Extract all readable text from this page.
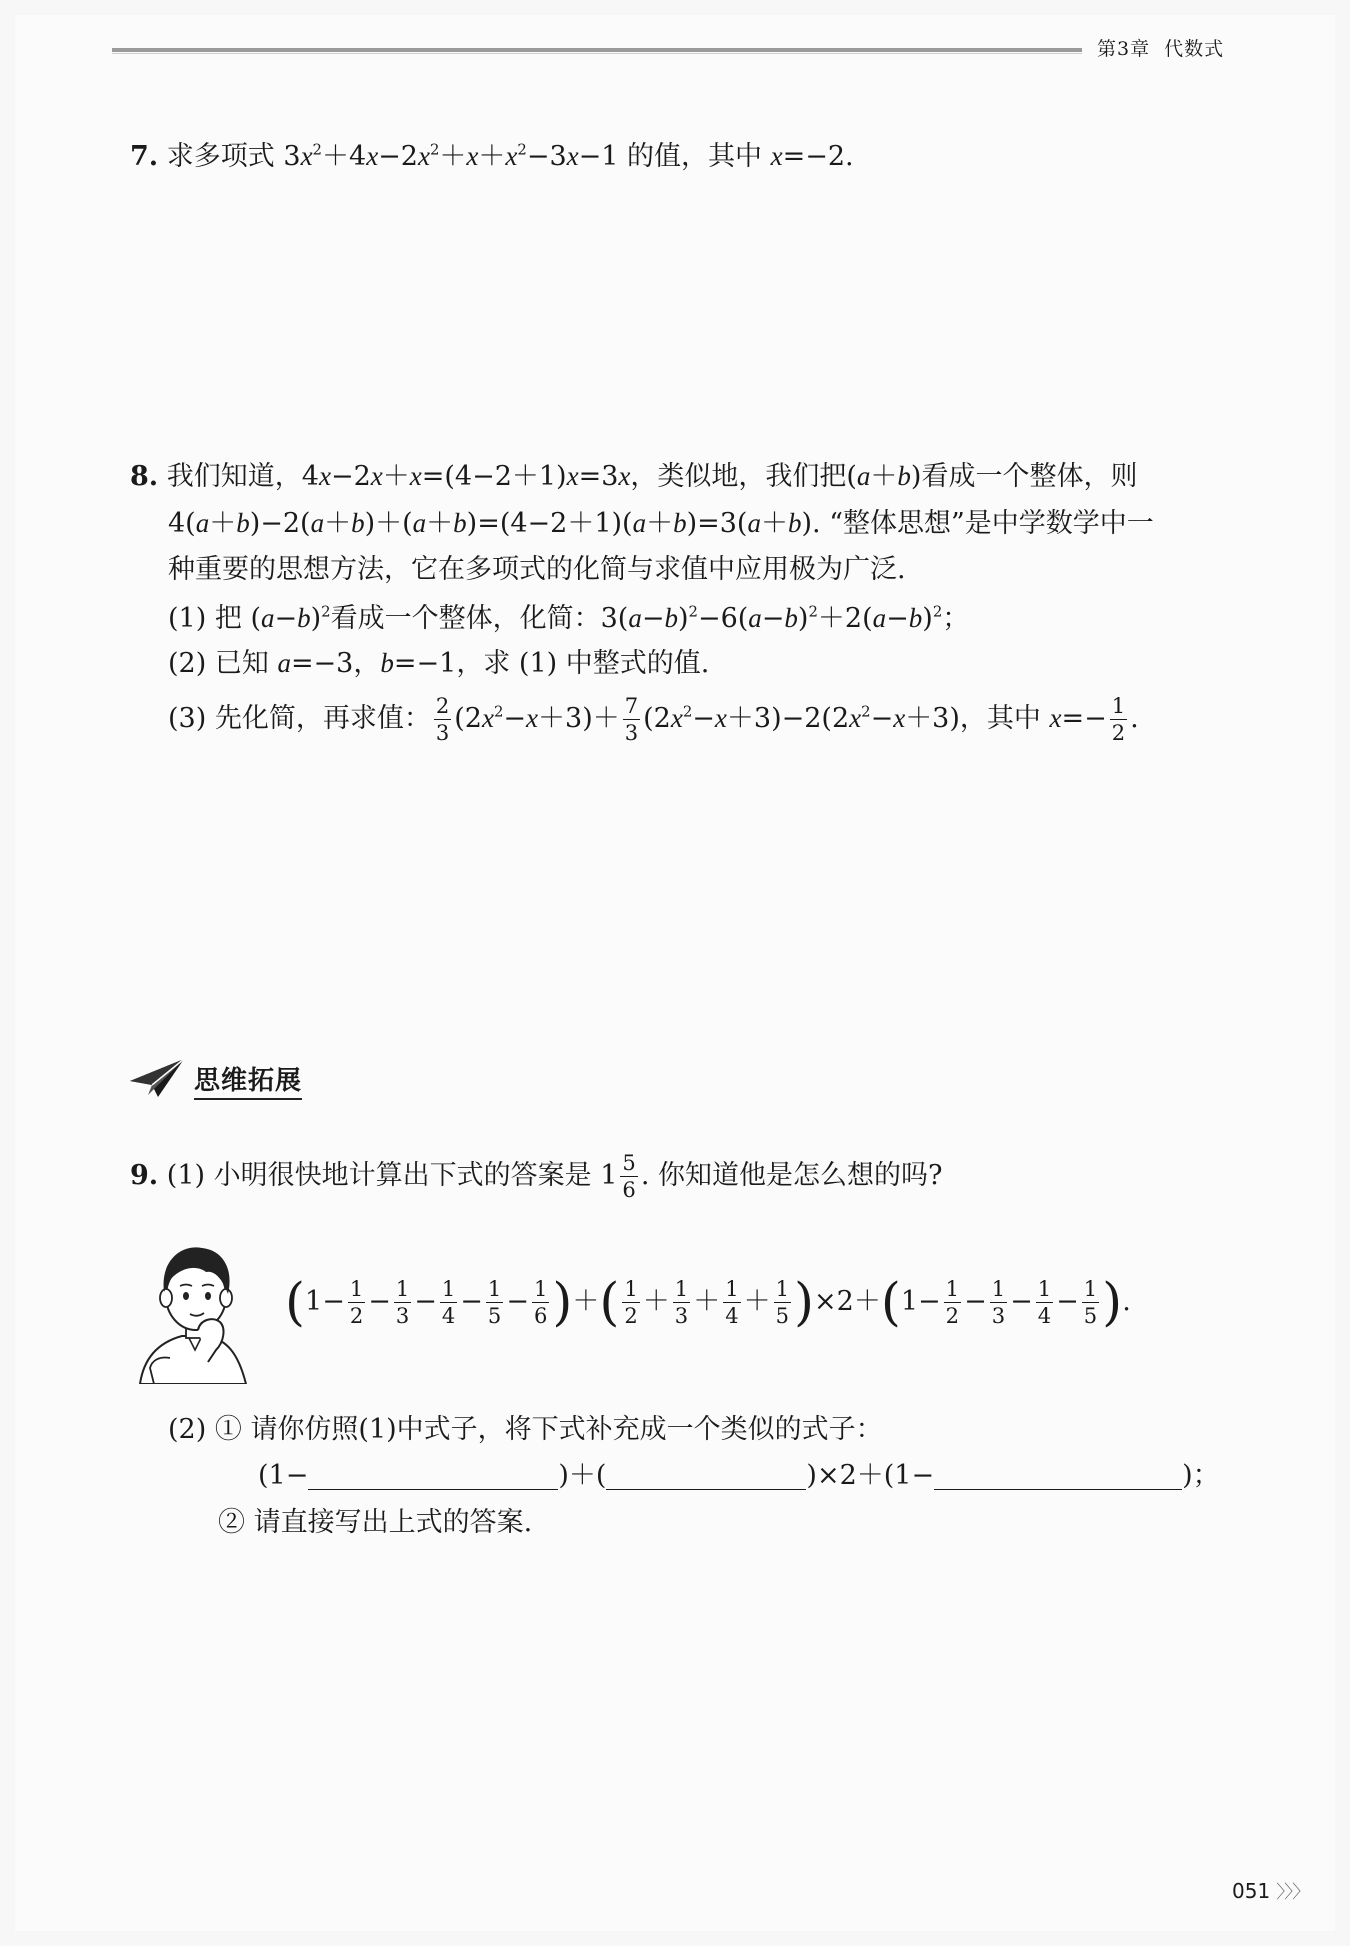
第3章 代数式
7. 求多项式 $3x^2+4x-2x^2+x+x^2-3x-1$ 的值，其中 x=−2.
8. 我们知道，4x−2x＋x=(4−2＋1)x=3x，类似地，我们把(a＋b)看成一个整体，则
4(a＋b)−2(a＋b)＋(a＋b)=(4−2＋1)(a＋b)=3(a＋b). “整体思想”是中学数学中一
种重要的思想方法，它在多项式的化简与求值中应用极为广泛.
(1) 把 $(a-b)^2$看成一个整体，化简：$3(a-b)^2-6(a-b)^2+2(a-b)^2$；
(2) 已知 a=−3，b=−1，求 (1) 中整式的值.
(3) 先化简，再求值： $\frac{2}{3} (2x^2-x+3)+ \frac{7}{3} (2x^2-x+3)-2(2x^2-x+3)$，其中 $x=- \frac{1}{2}$ .
思维拓展
9. (1) 小明很快地计算出下式的答案是 $1 \frac{5}{6}$ . 你知道他是怎么想的吗?
($1- \frac{1}{2} - \frac{1}{3} - \frac{1}{4} - \frac{1}{5} - \frac{1}{6}$ )＋( $\frac{1}{2} + \frac{1}{3} + \frac{1}{4} + \frac{1}{5} )\times 2+(1- \frac{1}{2} - \frac{1}{3} - \frac{1}{4} - \frac{1}{5}$ ).
(2) ① 请你仿照(1)中式子，将下式补充成一个类似的式子：
(1−	)＋(	)×2＋(1−	)；
② 请直接写出上式的答案.
051 〉〉〉
